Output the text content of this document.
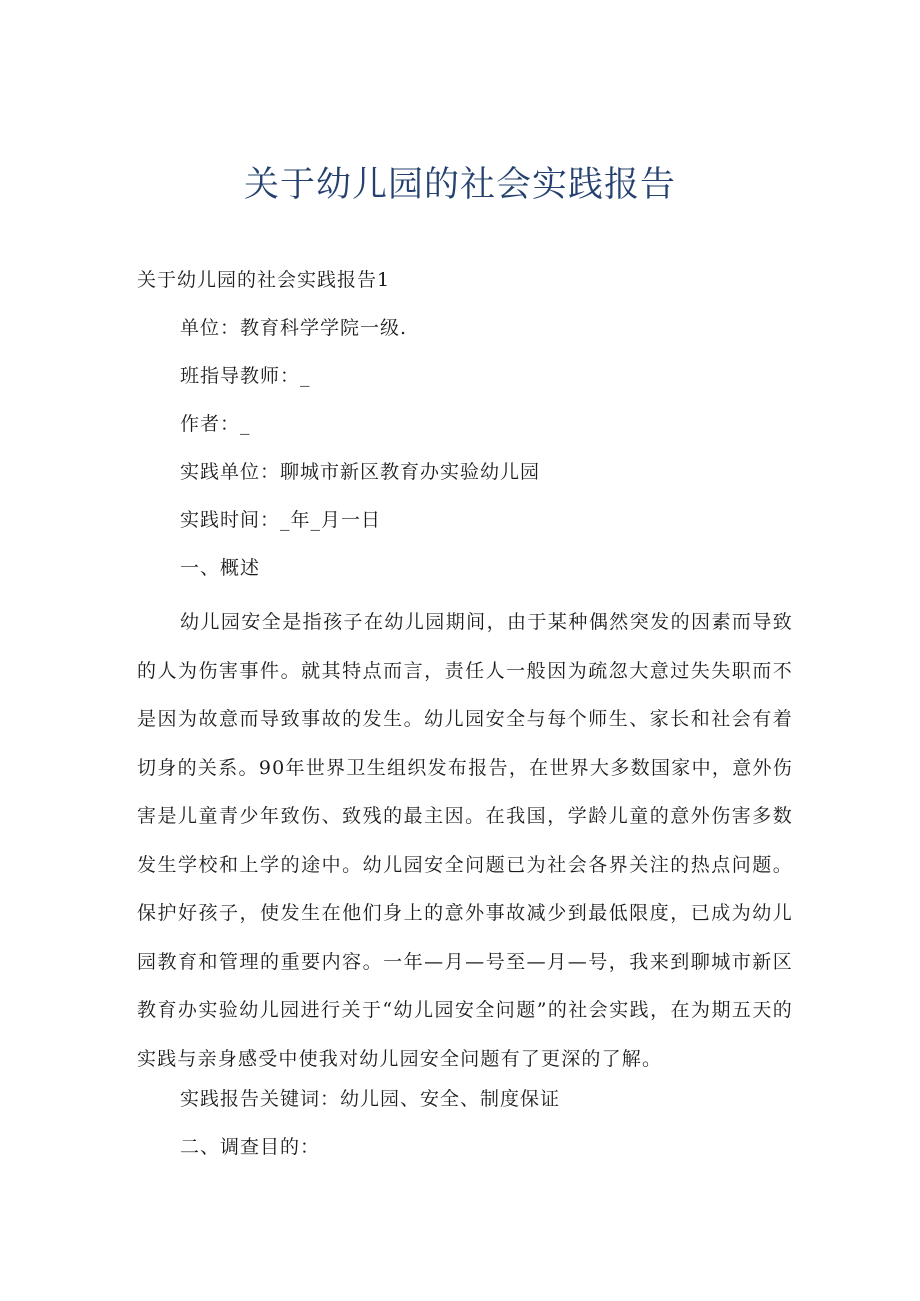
关于幼儿园的社会实践报告

关于幼儿园的社会实践报告1

单位：教育科学学院一级.

班指导教师：_

作者：_

实践单位：聊城市新区教育办实验幼儿园

实践时间：_年_月一日

一、概述

幼儿园安全是指孩子在幼儿园期间，由于某种偶然突发的因素而导致的人为伤害事件。就其特点而言，责任人一般因为疏忽大意过失失职而不是因为故意而导致事故的发生。幼儿园安全与每个师生、家长和社会有着切身的关系。90年世界卫生组织发布报告，在世界大多数国家中，意外伤害是儿童青少年致伤、致残的最主因。在我国，学龄儿童的意外伤害多数发生学校和上学的途中。幼儿园安全问题已为社会各界关注的热点问题。保护好孩子，使发生在他们身上的意外事故减少到最低限度，已成为幼儿园教育和管理的重要内容。一年—月—号至—月—号，我来到聊城市新区教育办实验幼儿园进行关于“幼儿园安全问题”的社会实践，在为期五天的实践与亲身感受中使我对幼儿园安全问题有了更深的了解。

实践报告关键词：幼儿园、安全、制度保证

二、调查目的：
